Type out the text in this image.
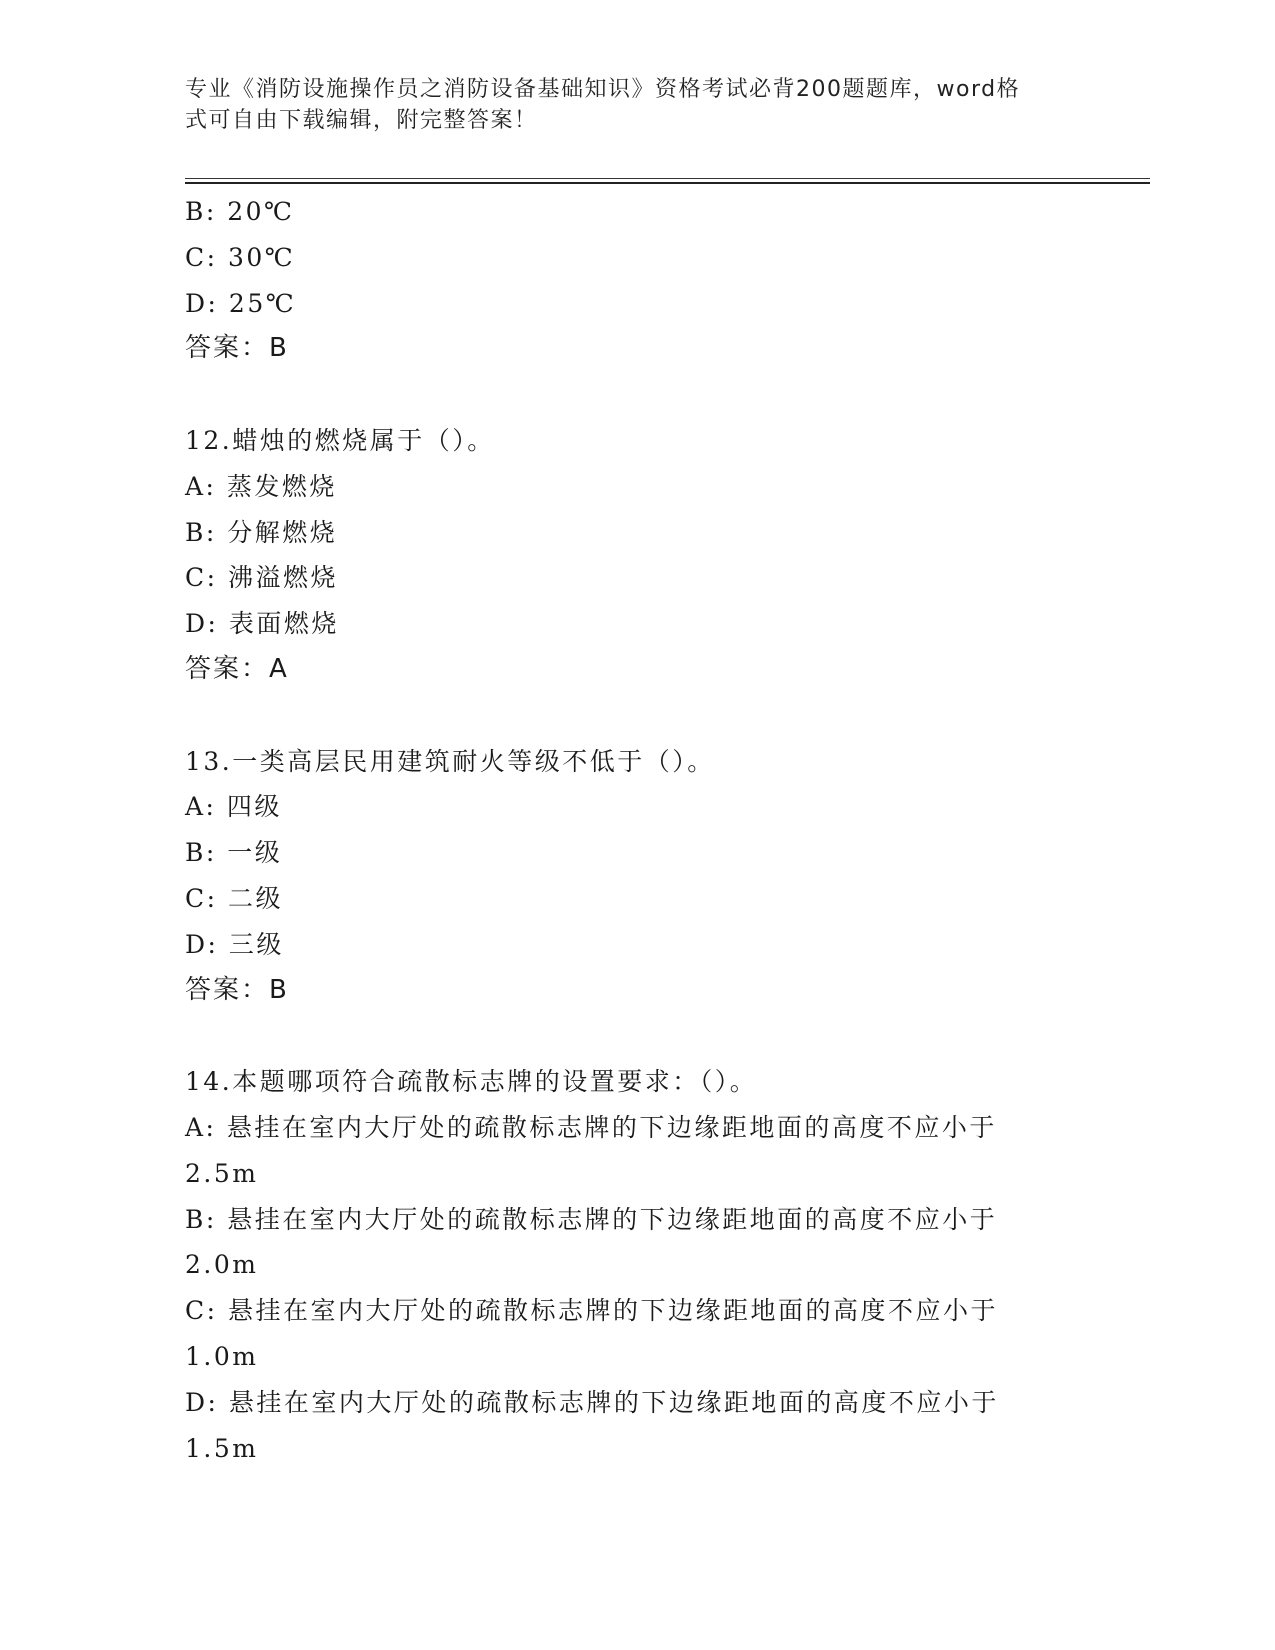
专业《消防设施操作员之消防设备基础知识》资格考试必背200题题库，word格
式可自由下载编辑，附完整答案！
B: 20℃
C: 30℃
D: 25℃
答案：B
12.蜡烛的燃烧属于（）。
A: 蒸发燃烧
B: 分解燃烧
C: 沸溢燃烧
D: 表面燃烧
答案：A
13.一类高层民用建筑耐火等级不低于（）。
A: 四级
B: 一级
C: 二级
D: 三级
答案：B
14.本题哪项符合疏散标志牌的设置要求：（）。
A: 悬挂在室内大厅处的疏散标志牌的下边缘距地面的高度不应小于
2.5m
B: 悬挂在室内大厅处的疏散标志牌的下边缘距地面的高度不应小于
2.0m
C: 悬挂在室内大厅处的疏散标志牌的下边缘距地面的高度不应小于
1.0m
D: 悬挂在室内大厅处的疏散标志牌的下边缘距地面的高度不应小于
1.5m
